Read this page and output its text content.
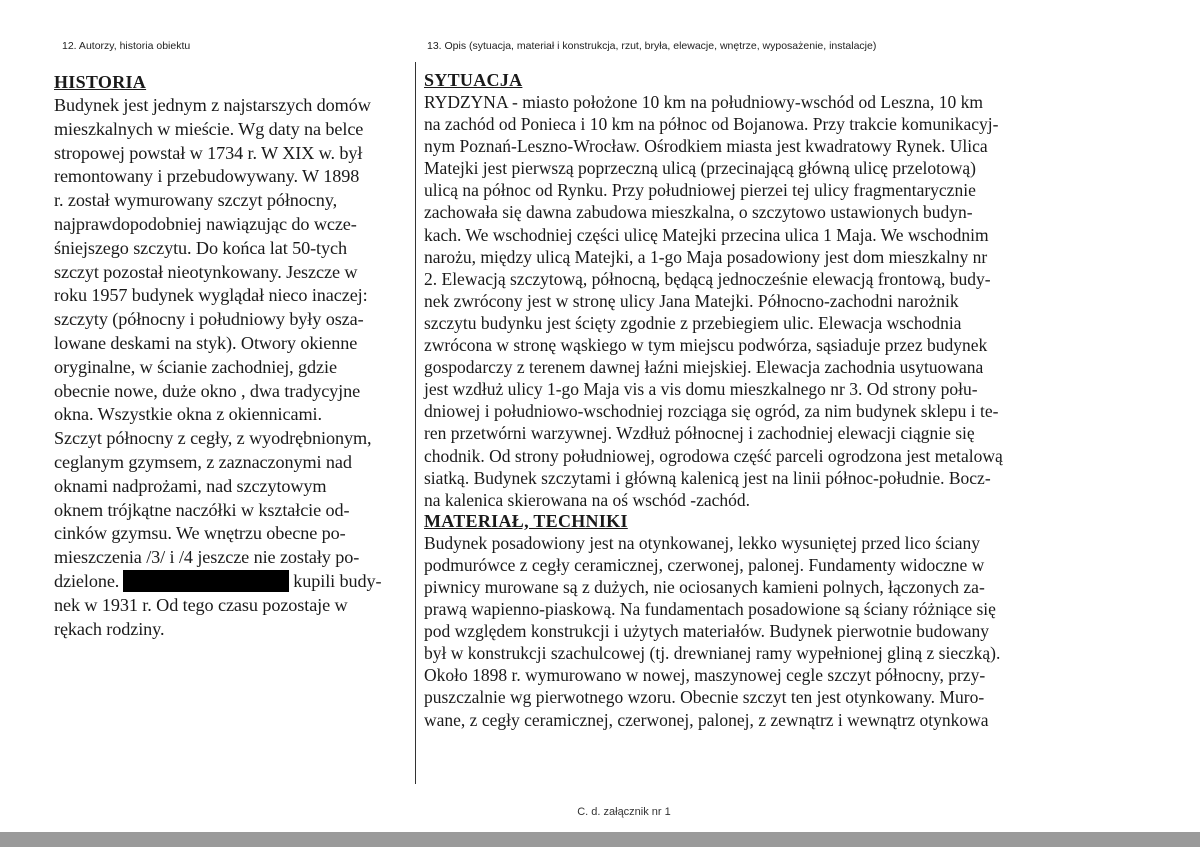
12. Autorzy, historia obiektu	13. Opis (sytuacja, materiał i konstrukcja, rzut, bryła, elewacje, wnętrze, wyposażenie, instalacje)
HISTORIA
Budynek jest jednym z najstarszych domów
mieszkalnych w mieście. Wg daty na belce
stropowej powstał w 1734 r. W XIX w. był
remontowany i przebudowywany. W 1898
r. został wymurowany szczyt północny,
najprawdopodobniej nawiązując do wcze-
śniejszego szczytu. Do końca lat 50-tych
szczyt pozostał nieotynkowany. Jeszcze w
roku 1957 budynek wyglądał nieco inaczej:
szczyty (północny i południowy były osza-
lowane deskami na styk). Otwory okienne
oryginalne, w ścianie zachodniej, gdzie
obecnie nowe, duże okno , dwa tradycyjne
okna. Wszystkie okna z okiennicami.
Szczyt północny z cegły, z wyodrębnionym,
ceglanym gzymsem, z zaznaczonymi nad
oknami nadprożami, nad szczytowym
oknem trójkątne naczółki w kształcie od-
cinków gzymsu. We wnętrzu obecne po-
mieszczenia /3/ i /4 jeszcze nie zostały po-
dzielone.	kupili budy-
nek w 1931 r. Od tego czasu pozostaje w
rękach rodziny.
SYTUACJA
RYDZYNA - miasto położone 10 km na południowy-wschód od Leszna, 10 km
na zachód od Ponieca i 10 km na północ od Bojanowa. Przy trakcie komunikacyj-
nym Poznań-Leszno-Wrocław. Ośrodkiem miasta jest kwadratowy Rynek. Ulica
Matejki jest pierwszą poprzeczną ulicą (przecinającą główną ulicę przelotową)
ulicą na północ od Rynku. Przy południowej pierzei tej ulicy fragmentarycznie
zachowała się dawna zabudowa mieszkalna, o szczytowo ustawionych budyn-
kach. We wschodniej części ulicę Matejki przecina ulica 1 Maja. We wschodnim
narożu, między ulicą Matejki, a 1-go Maja posadowiony jest dom mieszkalny nr
2. Elewacją szczytową, północną, będącą jednocześnie elewacją frontową, budy-
nek zwrócony jest w stronę ulicy Jana Matejki. Północno-zachodni narożnik
szczytu budynku jest ścięty zgodnie z przebiegiem ulic. Elewacja wschodnia
zwrócona w stronę wąskiego w tym miejscu podwórza, sąsiaduje przez budynek
gospodarczy z terenem dawnej łaźni miejskiej. Elewacja zachodnia usytuowana
jest wzdłuż ulicy 1-go Maja vis a vis domu mieszkalnego nr 3. Od strony połu-
dniowej i południowo-wschodniej rozciąga się ogród, za nim budynek sklepu i te-
ren przetwórni warzywnej. Wzdłuż północnej i zachodniej elewacji ciągnie się
chodnik. Od strony południowej, ogrodowa część parceli ogrodzona jest metalową
siatką. Budynek szczytami i główną kalenicą jest na linii północ-południe. Bocz-
na kalenica skierowana na oś wschód -zachód.
MATERIAŁ, TECHNIKI
Budynek posadowiony jest na otynkowanej, lekko wysuniętej przed lico ściany
podmurówce z cegły ceramicznej, czerwonej, palonej. Fundamenty widoczne w
piwnicy murowane są z dużych, nie ociosanych kamieni polnych, łączonych za-
prawą wapienno-piaskową. Na fundamentach posadowione są ściany różniące się
pod względem konstrukcji i użytych materiałów. Budynek pierwotnie budowany
był w konstrukcji szachulcowej (tj. drewnianej ramy wypełnionej gliną z sieczką).
Około 1898 r. wymurowano w nowej, maszynowej cegle szczyt północny, przy-
puszczalnie wg pierwotnego wzoru. Obecnie szczyt ten jest otynkowany. Muro-
wane, z cegły ceramicznej, czerwonej, palonej, z zewnątrz i wewnątrz otynkowa
C. d. załącznik nr 1
